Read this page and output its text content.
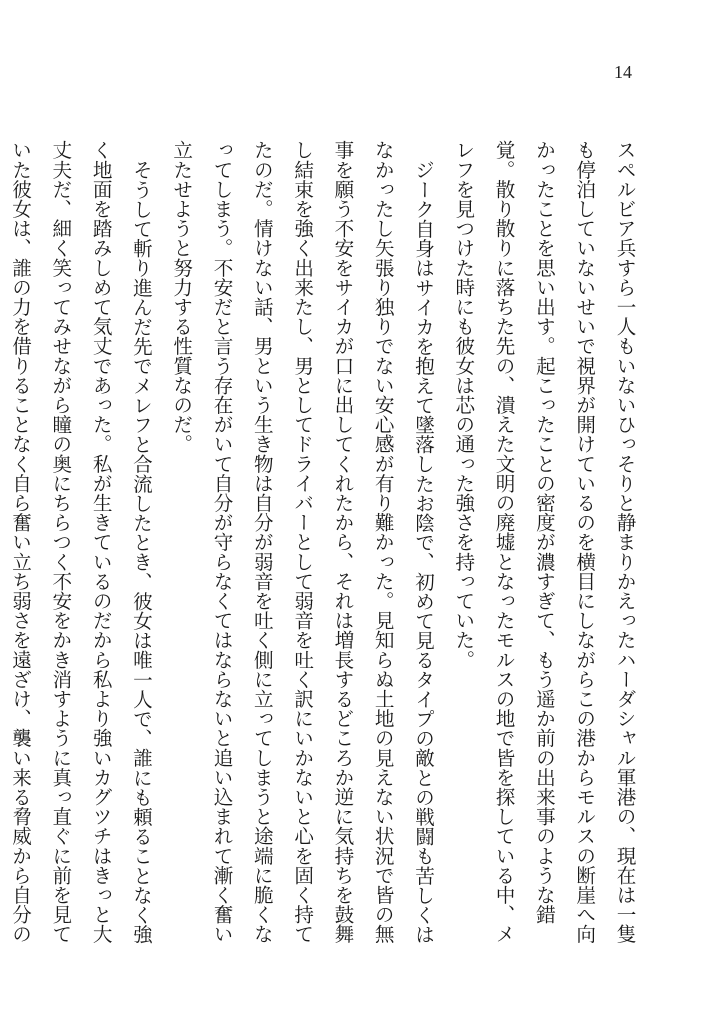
14

スペルビア兵すら一人もいないひっそりと静まりかえったハーダシャル軍港の、現在は一隻も停泊していないせいで視界が開けているのを横目にしながらこの港からモルスの断崖へ向かったことを思い出す。起こったことの密度が濃すぎて、もう遥か前の出来事のような錯覚。散り散りに落ちた先の、潰えた文明の廃墟となったモルスの地で皆を探している中、メレフを見つけた時にも彼女は芯の通った強さを持っていた。

ジーク自身はサイカを抱えて墜落したお陰で、初めて見るタイプの敵との戦闘も苦しくはなかったし矢張り独りでない安心感が有り難かった。見知らぬ土地の見えない状況で皆の無事を願う不安をサイカが口に出してくれたから、それは増長するどころか逆に気持ちを鼓舞し結束を強く出来たし、男としてドライバーとして弱音を吐く訳にいかないと心を固く持てたのだ。情けない話、男という生き物は自分が弱音を吐く側に立ってしまうと途端に脆くなってしまう。不安だと言う存在がいて自分が守らなくてはならないと追い込まれて漸く奮い立たせようと努力する性質なのだ。

そうして斬り進んだ先でメレフと合流したとき、彼女は唯一人で、誰にも頼ることなく強く地面を踏みしめて気丈であった。私が生きているのだから私より強いカグツチはきっと大丈夫だ、細く笑ってみせながら瞳の奥にちらつく不安をかき消すように真っ直ぐに前を見ていた彼女は、誰の力を借りることなく自ら奮い立ち弱さを遠ざけ、襲い来る脅威から自分の
